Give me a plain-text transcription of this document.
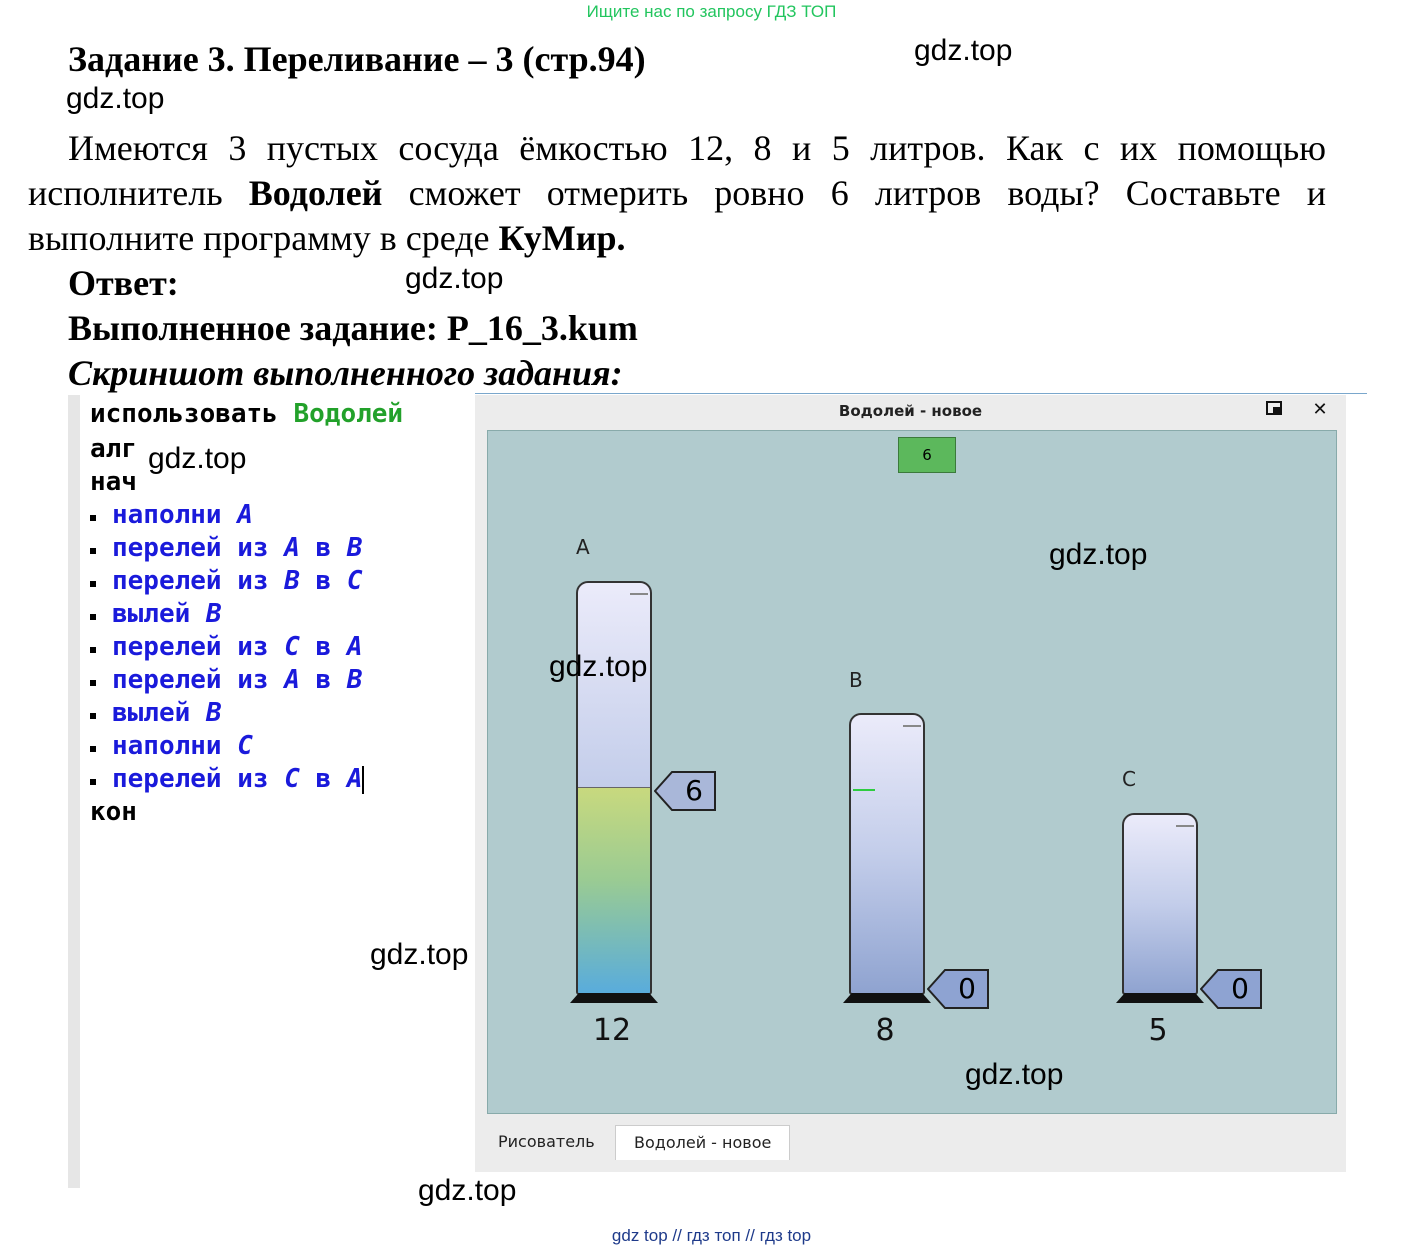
Ищите нас по запросу ГДЗ ТОП
Задание 3. Переливание – 3 (стр.94)	gdz.top
gdz.top
Имеются 3 пустых сосуда ёмкостью 12, 8 и 5 литров. Как с их помощью
исполнитель Водолей сможет отмерить ровно 6 литров воды? Составьте и
выполните программу в среде КуМир.
Ответ:	gdz.top
Выполненное задание: Р_16_3.kum
Скриншот выполненного задания:
использовать Водолей
алг
нач
наполни A
перелей из A в B
перелей из B в C
вылей B
перелей из C в A
перелей из A в B
вылей B
наполни C
перелей из C в A
кон
gdz.top
Водолей - новое	✕
6
A
6
12
B
0
8
C
0
5
Рисователь	Водолей - новое
gdz.top
gdz.top
gdz.top
gdz.top
gdz.top
gdz top // гдз топ // гдз top
